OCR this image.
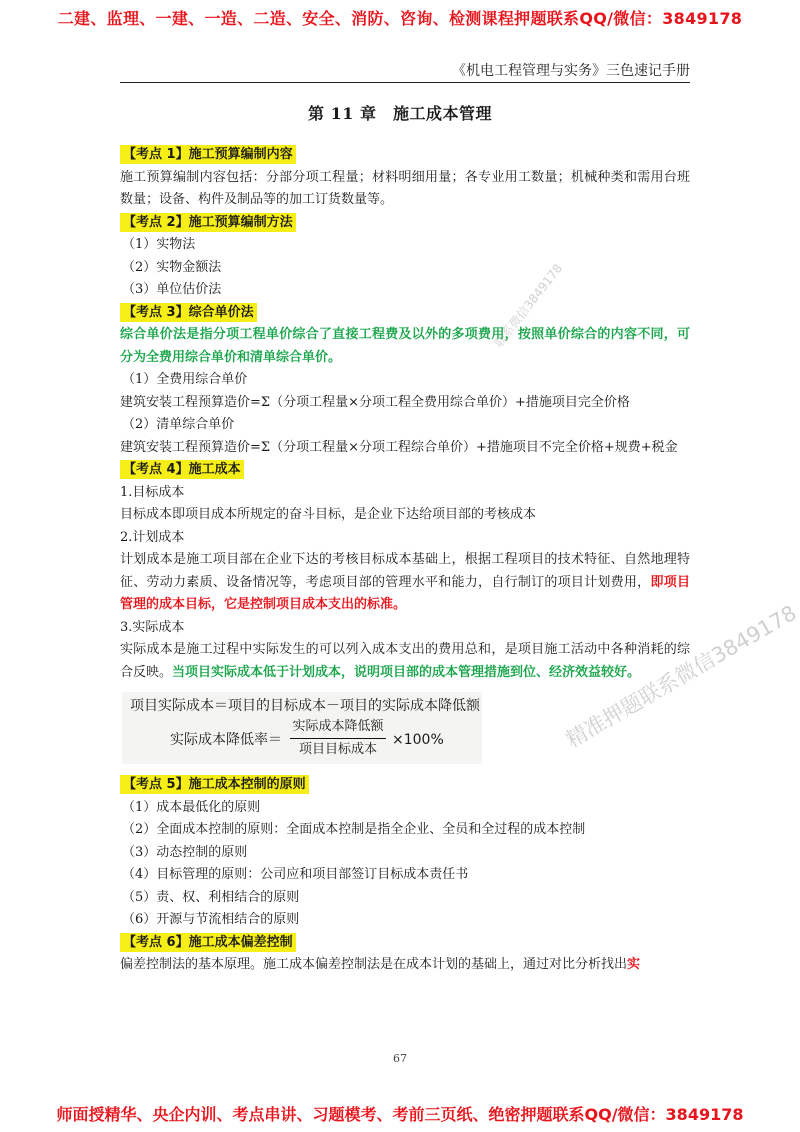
二建、监理、一建、一造、二造、安全、消防、咨询、检测课程押题联系QQ/微信：3849178
《机电工程管理与实务》三色速记手册
第 11 章　施工成本管理
【考点 1】施工预算编制内容

施工预算编制内容包括：分部分项工程量；材料明细用量；各专业用工数量；机械种类和需用台班数量；设备、构件及制品等的加工订货数量等。

【考点 2】施工预算编制方法

（1）实物法

（2）实物金额法

（3）单位估价法

【考点 3】综合单价法

综合单价法是指分项工程单价综合了直接工程费及以外的多项费用，按照单价综合的内容不同，可分为全费用综合单价和清单综合单价。

（1）全费用综合单价

建筑安装工程预算造价=Σ（分项工程量×分项工程全费用综合单价）+措施项目完全价格

（2）清单综合单价

建筑安装工程预算造价=Σ（分项工程量×分项工程综合单价）+措施项目不完全价格+规费+税金

【考点 4】施工成本

1.目标成本

目标成本即项目成本所规定的奋斗目标，是企业下达给项目部的考核成本

2.计划成本

计划成本是施工项目部在企业下达的考核目标成本基础上，根据工程项目的技术特征、自然地理特征、劳动力素质、设备情况等，考虑项目部的管理水平和能力，自行制订的项目计划费用，即项目管理的成本目标，它是控制项目成本支出的标准。

3.实际成本

实际成本是施工过程中实际发生的可以列入成本支出的费用总和，是项目施工活动中各种消耗的综合反映。当项目实际成本低于计划成本，说明项目部的成本管理措施到位、经济效益较好。

项目实际成本＝项目的目标成本－项目的实际成本降低额
实际成本降低率＝
实际成本降低额
项目目标成本
×100%
【考点 5】施工成本控制的原则

（1）成本最低化的原则

（2）全面成本控制的原则：全面成本控制是指全企业、全员和全过程的成本控制

（3）动态控制的原则

（4）目标管理的原则：公司应和项目部签订目标成本责任书

（5）责、权、利相结合的原则

（6）开源与节流相结合的原则

【考点 6】施工成本偏差控制

偏差控制法的基本原理。施工成本偏差控制法是在成本计划的基础上，通过对比分析找出实

联系微信3849178
精准押题联系微信3849178
67
师面授精华、央企内训、考点串讲、习题模考、考前三页纸、绝密押题联系QQ/微信：3849178
